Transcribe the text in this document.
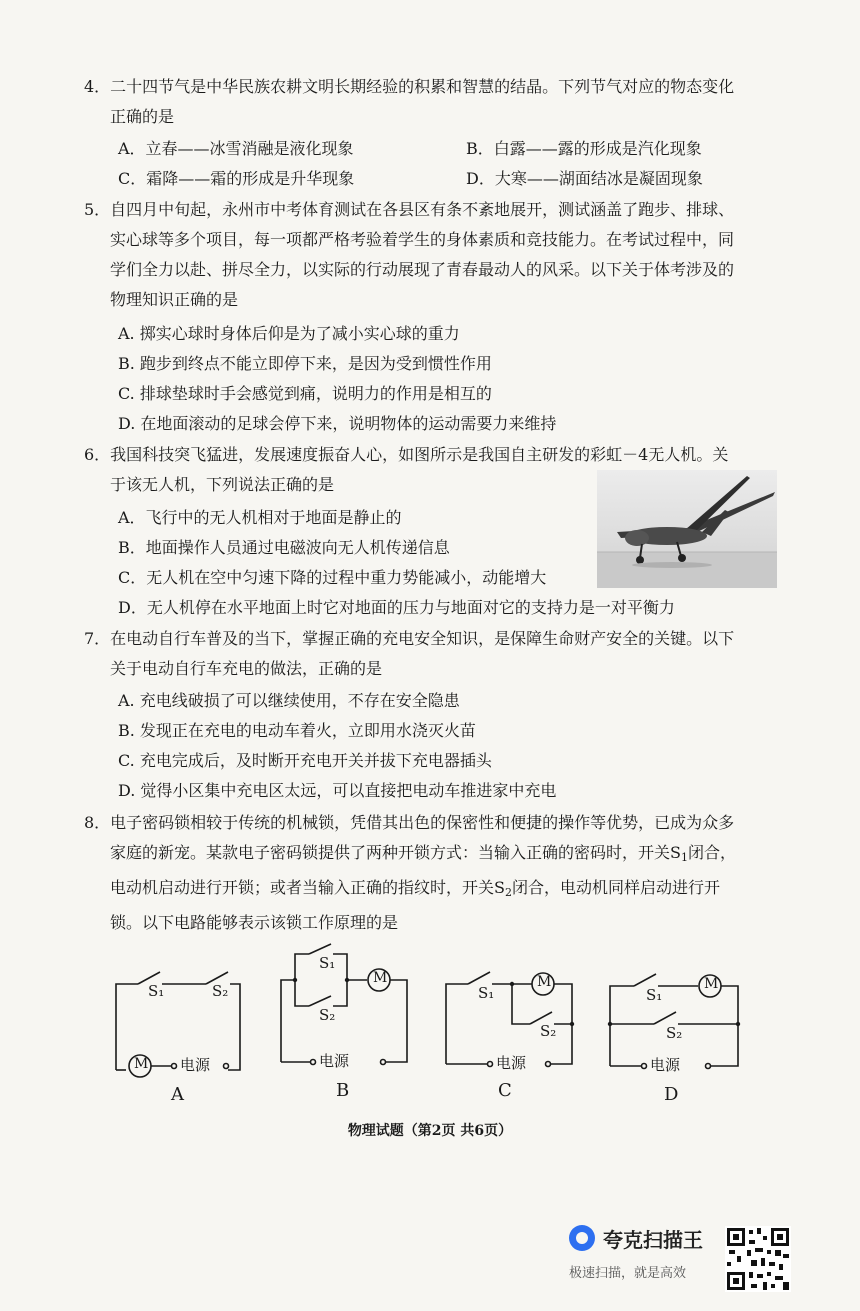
4．二十四节气是中华民族农耕文明长期经验的积累和智慧的结晶。下列节气对应的物态变化
正确的是
A．立春——冰雪消融是液化现象	B．白露——露的形成是汽化现象
C．霜降——霜的形成是升华现象	D．大寒——湖面结冰是凝固现象
5．自四月中旬起，永州市中考体育测试在各县区有条不紊地展开，测试涵盖了跑步、排球、
实心球等多个项目，每一项都严格考验着学生的身体素质和竞技能力。在考试过程中，同
学们全力以赴、拼尽全力，以实际的行动展现了青春最动人的风采。以下关于体考涉及的
物理知识正确的是
A. 掷实心球时身体后仰是为了减小实心球的重力
B. 跑步到终点不能立即停下来，是因为受到惯性作用
C. 排球垫球时手会感觉到痛，说明力的作用是相互的
D. 在地面滚动的足球会停下来，说明物体的运动需要力来维持
6．我国科技突飞猛进，发展速度振奋人心，如图所示是我国自主研发的彩虹－4无人机。关
于该无人机，下列说法正确的是
A．飞行中的无人机相对于地面是静止的
B．地面操作人员通过电磁波向无人机传递信息
C．无人机在空中匀速下降的过程中重力势能减小，动能增大
D．无人机停在水平地面上时它对地面的压力与地面对它的支持力是一对平衡力
7．在电动自行车普及的当下，掌握正确的充电安全知识，是保障生命财产安全的关键。以下
关于电动自行车充电的做法，正确的是
A. 充电线破损了可以继续使用，不存在安全隐患
B. 发现正在充电的电动车着火，立即用水浇灭火苗
C. 充电完成后，及时断开充电开关并拔下充电器插头
D. 觉得小区集中充电区太远，可以直接把电动车推进家中充电
8．电子密码锁相较于传统的机械锁，凭借其出色的保密性和便捷的操作等优势，已成为众多
家庭的新宠。某款电子密码锁提供了两种开锁方式：当输入正确的密码时，开关$S_1$闭合，
电动机启动进行开锁；或者当输入正确的指纹时，开关$S_2$闭合，电动机同样启动进行开
锁。以下电路能够表示该锁工作原理的是
S₁	S₂
M 电源
A
S₁
S₂
M
电源
B
S₁
S₂
M
电源
C
S₁
S₂
M
电源
D
物理试题（第2页 共6页）
夸克扫描王
极速扫描，就是高效
